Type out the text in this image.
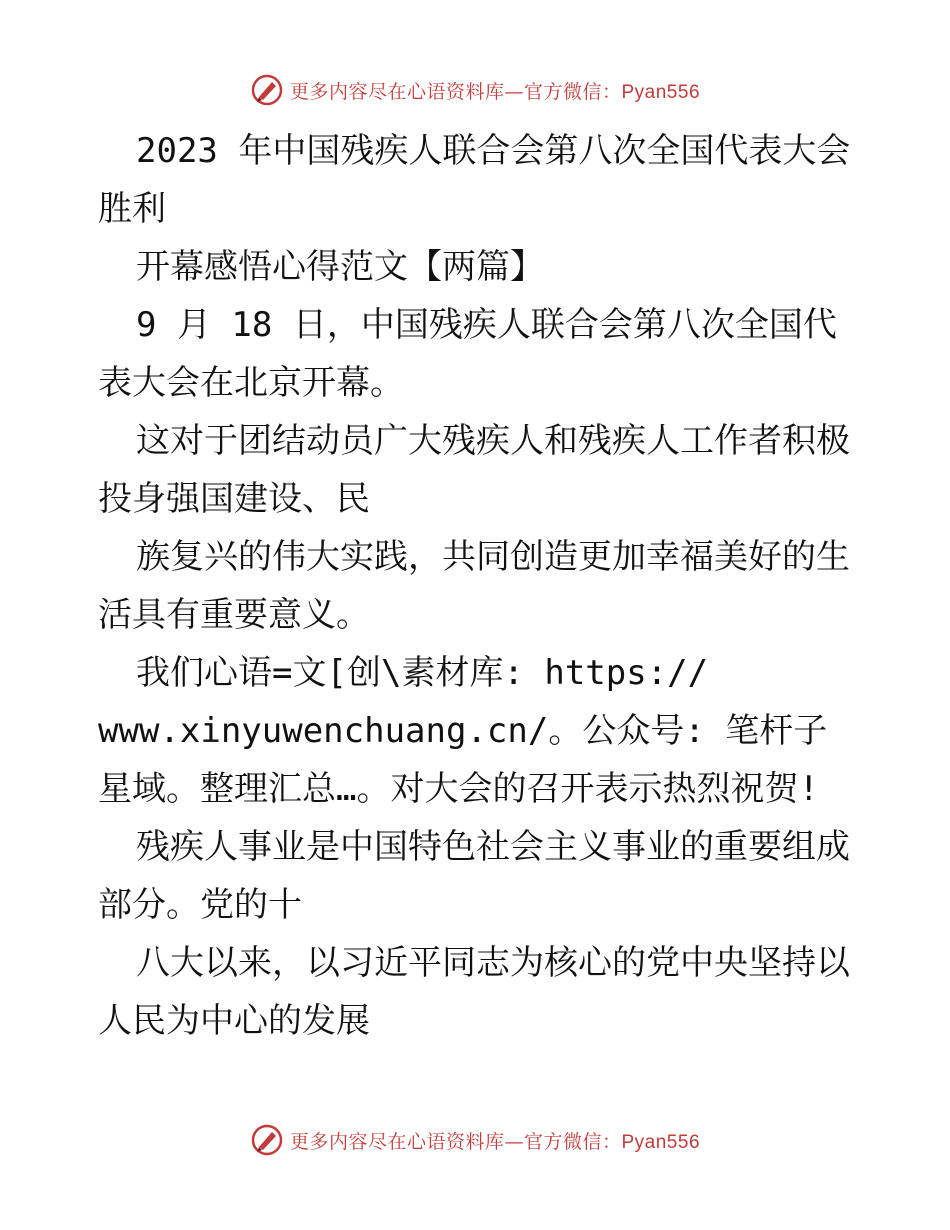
更多内容尽在心语资料库—官方微信：Pyan556

2023 年中国残疾人联合会第八次全国代表大会胜利

开幕感悟心得范文【两篇】

9 月 18 日，中国残疾人联合会第八次全国代表大会在北京开幕。

这对于团结动员广大残疾人和残疾人工作者积极投身强国建设、民

族复兴的伟大实践，共同创造更加幸福美好的生活具有重要意义。

我们心语=文[创\素材库: https://

www.xinyuwenchuang.cn/。公众号: 笔杆子星域。整理汇总…。对大会的召开表示热烈祝贺!

残疾人事业是中国特色社会主义事业的重要组成部分。党的十

八大以来，以习近平同志为核心的党中央坚持以人民为中心的发展

更多内容尽在心语资料库—官方微信：Pyan556
